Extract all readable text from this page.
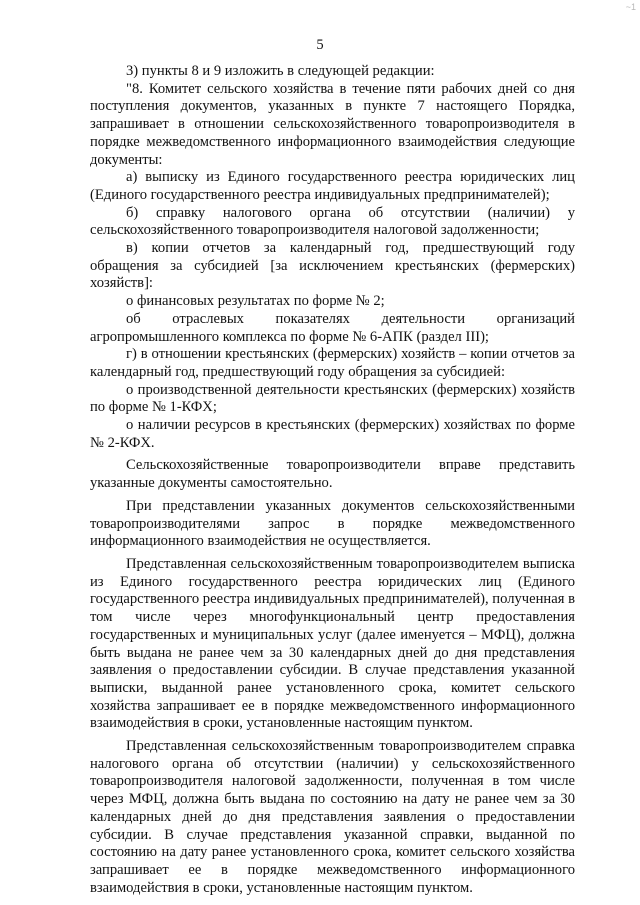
~1
5

3) пункты 8 и 9 изложить в следующей редакции:

"8. Комитет сельского хозяйства в течение пяти рабочих дней со дня поступления документов, указанных в пункте 7 настоящего Порядка, запрашивает в отношении сельскохозяйственного товаропроизводителя в порядке межведомственного информационного взаимодействия следующие документы:

а) выписку из Единого государственного реестра юридических лиц (Единого государственного реестра индивидуальных предпринимателей);

б) справку налогового органа об отсутствии (наличии) у сельскохозяйственного товаропроизводителя налоговой задолженности;

в) копии отчетов за календарный год, предшествующий году обращения за субсидией [за исключением крестьянских (фермерских) хозяйств]:

о финансовых результатах по форме № 2;

об отраслевых показателях деятельности организаций агропромышленного комплекса по форме № 6-АПК (раздел III);

г) в отношении крестьянских (фермерских) хозяйств – копии отчетов за календарный год, предшествующий году обращения за субсидией:

о производственной деятельности крестьянских (фермерских) хозяйств по форме № 1-КФХ;

о наличии ресурсов в крестьянских (фермерских) хозяйствах по форме № 2-КФХ.

Сельскохозяйственные товаропроизводители вправе представить указанные документы самостоятельно.

При представлении указанных документов сельскохозяйственными товаропроизводителями запрос в порядке межведомственного информационного взаимодействия не осуществляется.

Представленная сельскохозяйственным товаропроизводителем выписка из Единого государственного реестра юридических лиц (Единого государственного реестра индивидуальных предпринимателей), полученная в том числе через многофункциональный центр предоставления государственных и муниципальных услуг (далее именуется – МФЦ), должна быть выдана не ранее чем за 30 календарных дней до дня представления заявления о предоставлении субсидии. В случае представления указанной выписки, выданной ранее установленного срока, комитет сельского хозяйства запрашивает ее в порядке межведомственного информационного взаимодействия в сроки, установленные настоящим пунктом.

Представленная сельскохозяйственным товаропроизводителем справка налогового органа об отсутствии (наличии) у сельскохозяйственного товаропроизводителя налоговой задолженности, полученная в том числе через МФЦ, должна быть выдана по состоянию на дату не ранее чем за 30 календарных дней до дня представления заявления о предоставлении субсидии. В случае представления указанной справки, выданной по состоянию на дату ранее установленного срока, комитет сельского хозяйства запрашивает ее в порядке межведомственного информационного взаимодействия в сроки, установленные настоящим пунктом.
